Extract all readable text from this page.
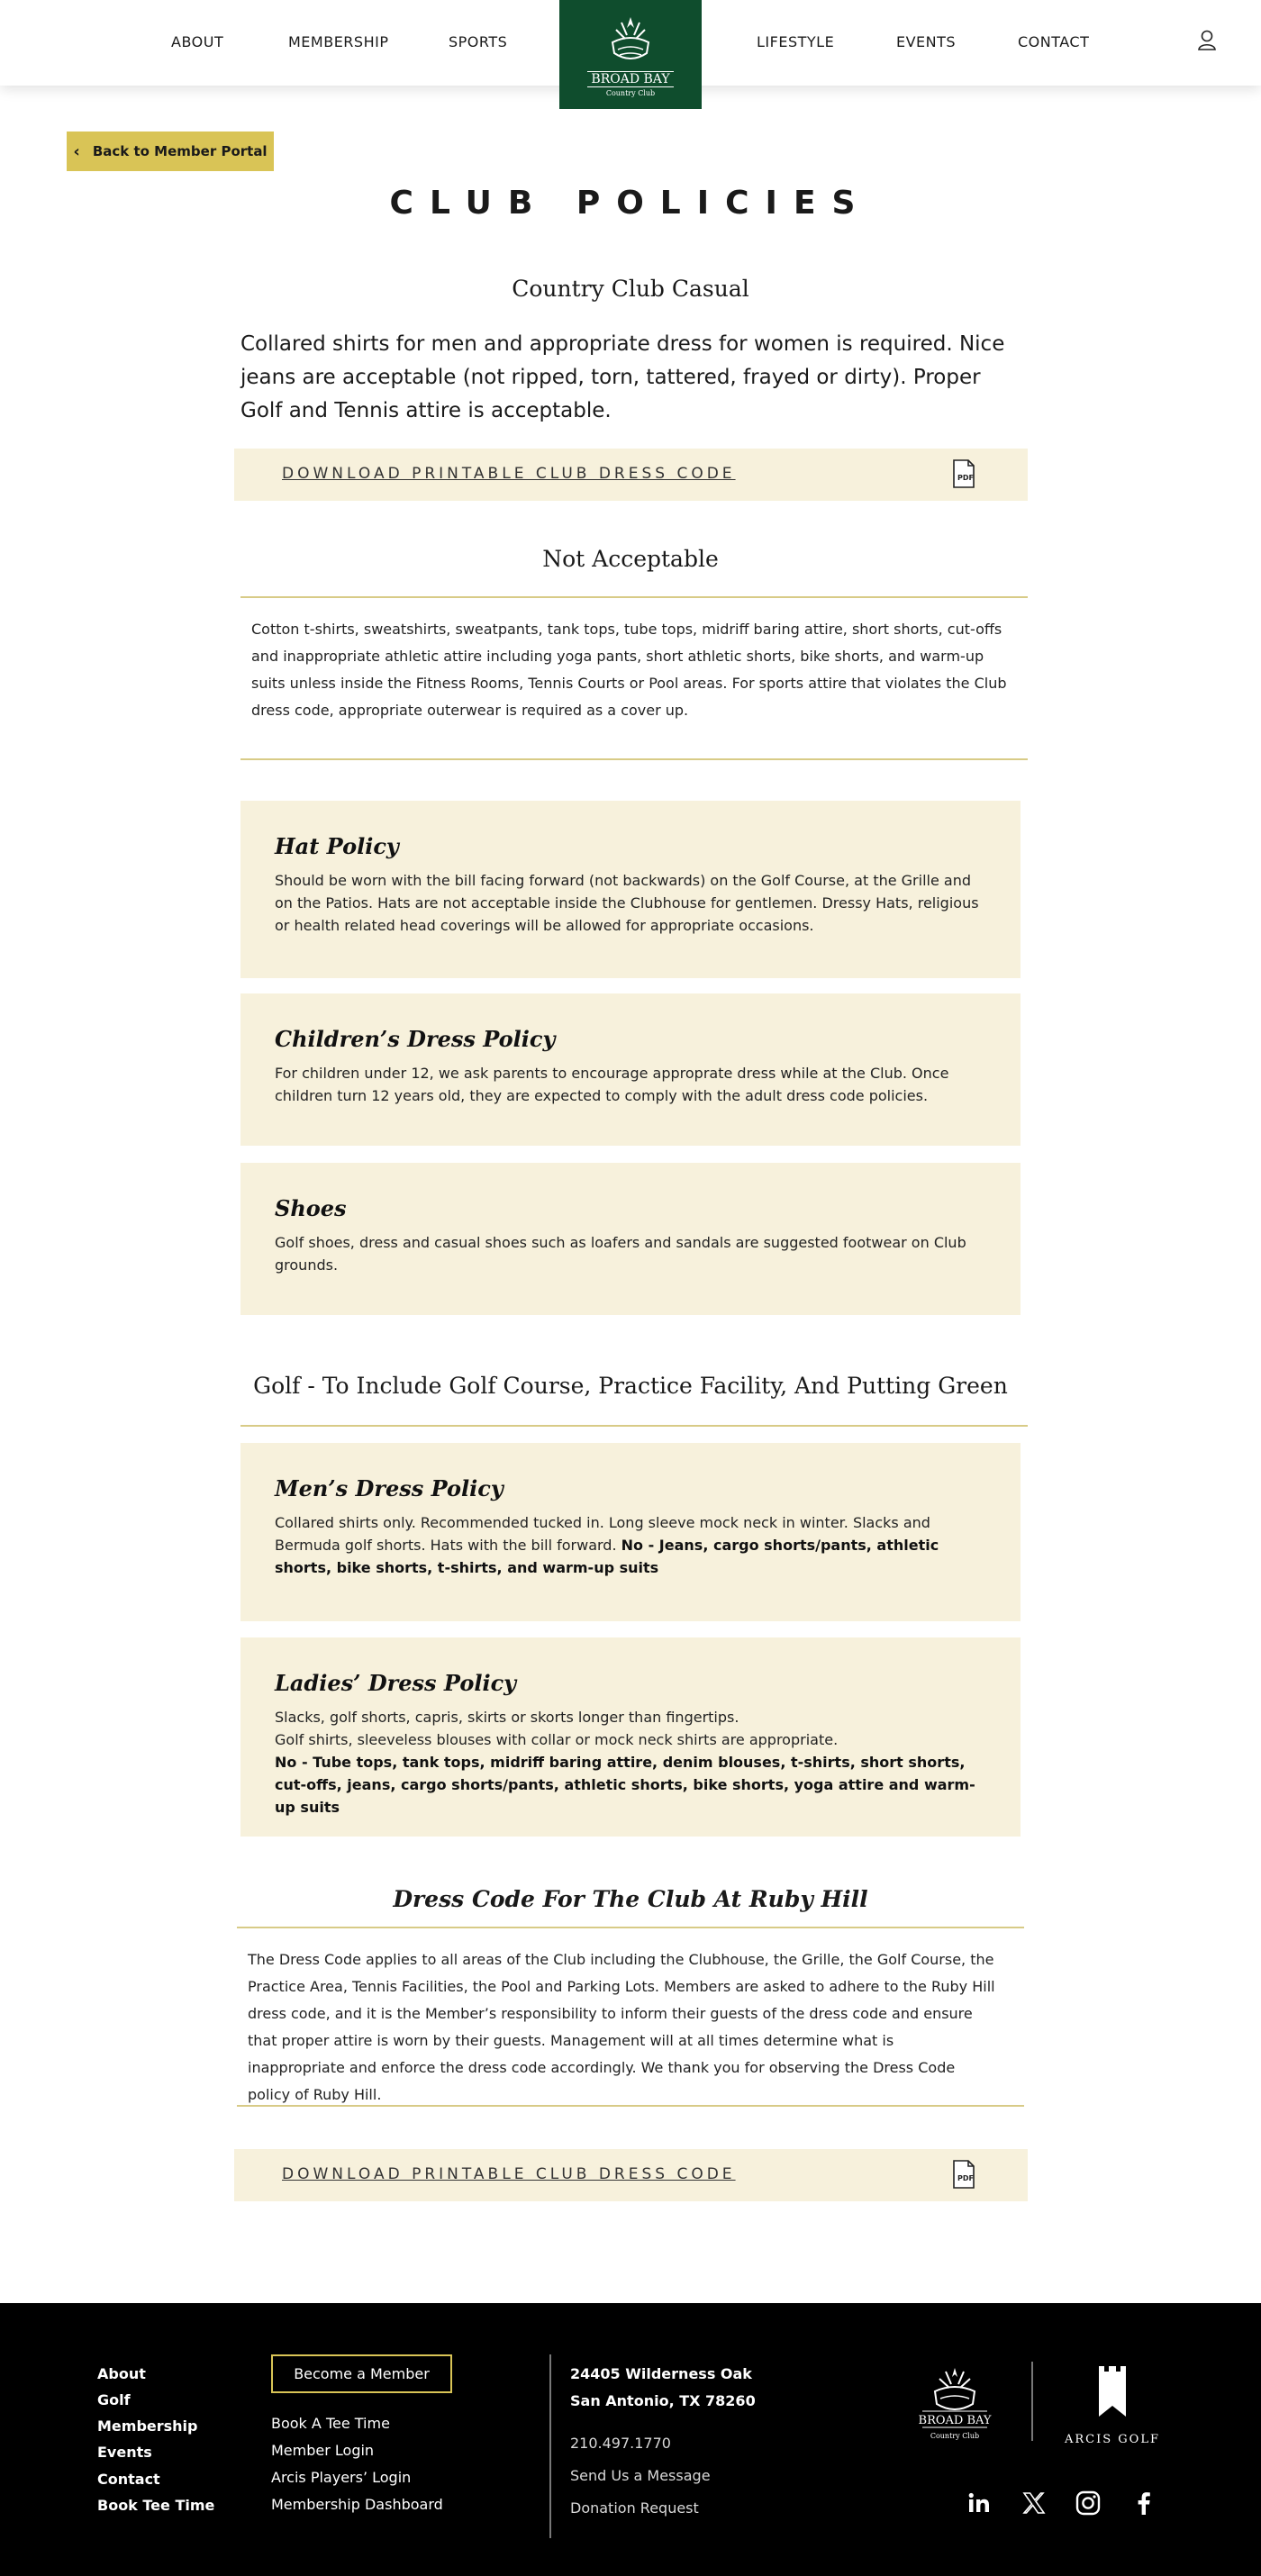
ABOUT	MEMBERSHIP	SPORTS	LIFESTYLE	EVENTS	CONTACT
BROAD BAY
Country Club
‹ Back to Member Portal
CLUB POLICIES
Country Club Casual
Collared shirts for men and appropriate dress for women is required. Nice jeans are acceptable (not ripped, torn, tattered, frayed or dirty). Proper Golf and Tennis attire is acceptable.
DOWNLOAD PRINTABLE CLUB DRESS CODE	PDF
Not Acceptable
Cotton t-shirts, sweatshirts, sweatpants, tank tops, tube tops, midriff baring attire, short shorts, cut-offs and inappropriate athletic attire including yoga pants, short athletic shorts, bike shorts, and warm-up suits unless inside the Fitness Rooms, Tennis Courts or Pool areas. For sports attire that violates the Club dress code, appropriate outerwear is required as a cover up.
Hat Policy
Should be worn with the bill facing forward (not backwards) on the Golf Course, at the Grille and on the Patios. Hats are not acceptable inside the Clubhouse for gentlemen. Dressy Hats, religious or health related head coverings will be allowed for appropriate occasions.
Children’s Dress Policy
For children under 12, we ask parents to encourage approprate dress while at the Club. Once children turn 12 years old, they are expected to comply with the adult dress code policies.
Shoes
Golf shoes, dress and casual shoes such as loafers and sandals are suggested footwear on Club grounds.
Golf - To Include Golf Course, Practice Facility, And Putting Green
Men’s Dress Policy
Collared shirts only. Recommended tucked in. Long sleeve mock neck in winter. Slacks and Bermuda golf shorts. Hats with the bill forward. No - Jeans, cargo shorts/pants, athletic shorts, bike shorts, t-shirts, and warm-up suits
Ladies’ Dress Policy
Slacks, golf shorts, capris, skirts or skorts longer than fingertips.
Golf shirts, sleeveless blouses with collar or mock neck shirts are appropriate.
No - Tube tops, tank tops, midriff baring attire, denim blouses, t-shirts, short shorts, cut-offs, jeans, cargo shorts/pants, athletic shorts, bike shorts, yoga attire and warm-up suits
Dress Code For The Club At Ruby Hill
The Dress Code applies to all areas of the Club including the Clubhouse, the Grille, the Golf Course, the Practice Area, Tennis Facilities, the Pool and Parking Lots. Members are asked to adhere to the Ruby Hill dress code, and it is the Member’s responsibility to inform their guests of the dress code and ensure that proper attire is worn by their guests. Management will at all times determine what is inappropriate and enforce the dress code accordingly. We thank you for observing the Dress Code policy of Ruby Hill.
DOWNLOAD PRINTABLE CLUB DRESS CODE	PDF
About
Golf
Membership
Events
Contact
Book Tee Time
Become a Member
Book A Tee Time
Member Login
Arcis Players’ Login
Membership Dashboard
24405 Wilderness Oak
San Antonio, TX 78260
210.497.1770
Send Us a Message
Donation Request
BROAD BAY
Country Club	ARCIS GOLF
